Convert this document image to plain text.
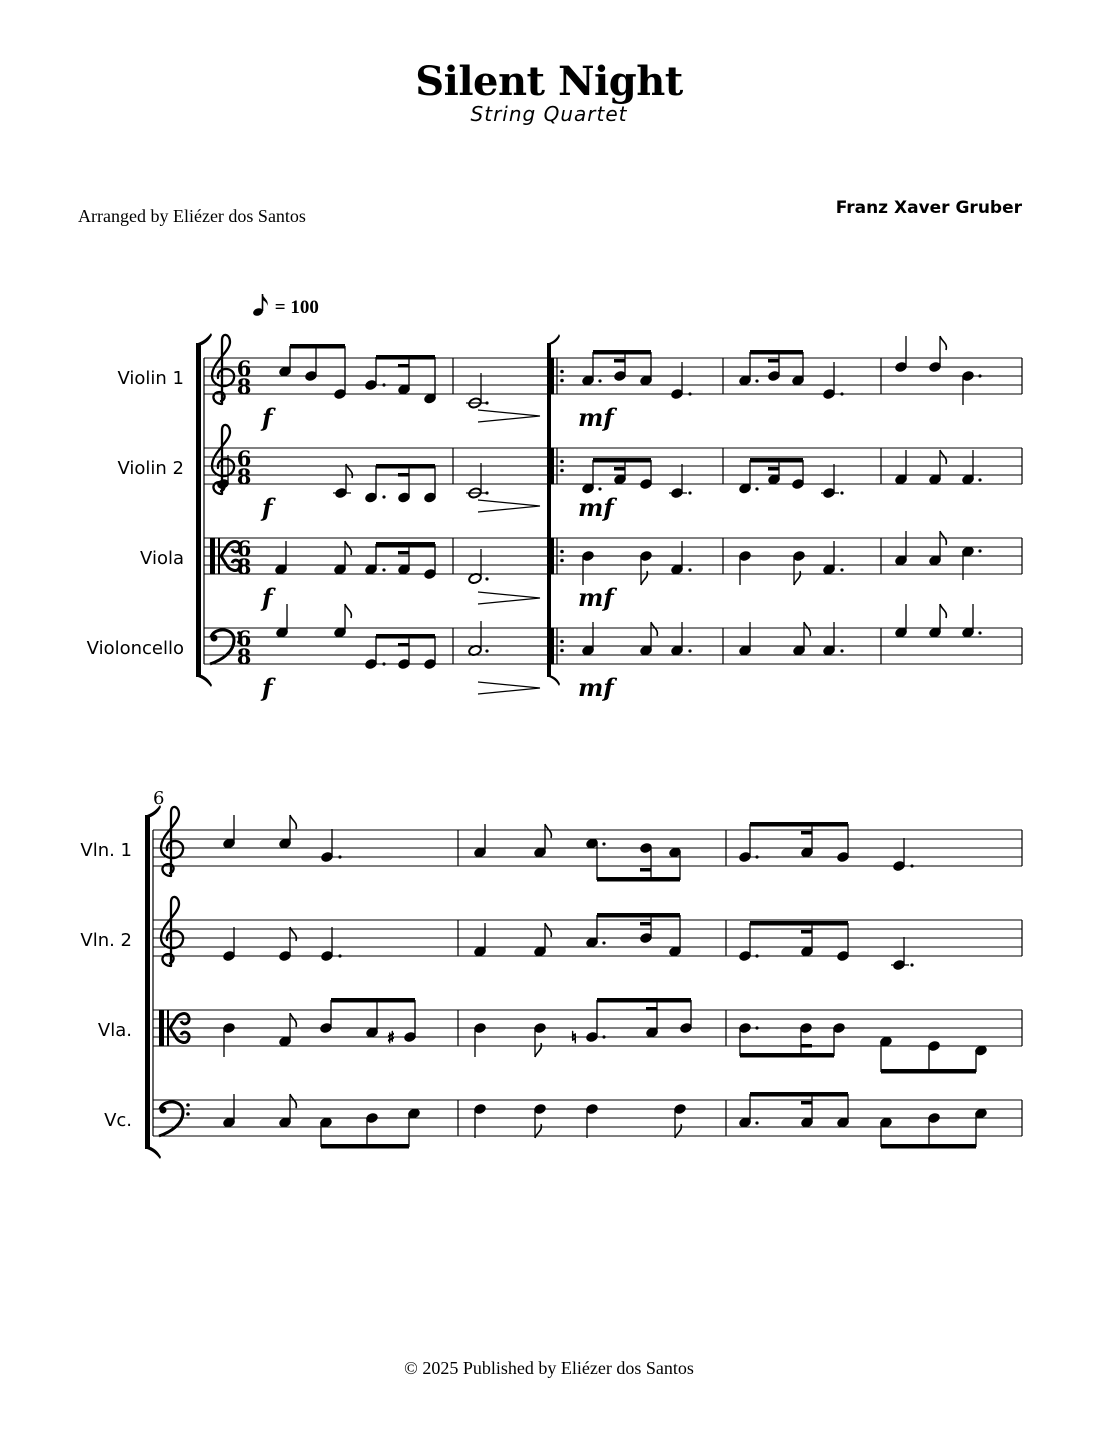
Silent Night
String Quartet
Arranged by Eliézer dos Santos	Franz Xaver Gruber
= 100
Violin 1
Violin 2
Viola
Violoncello
Vln. 1
Vln. 2
Vla.
Vc.
6
8
6
8
6
8
6
8
f
f
f
f
mf
mf
mf
mf
6
♯	♮
© 2025 Published by Eliézer dos Santos
